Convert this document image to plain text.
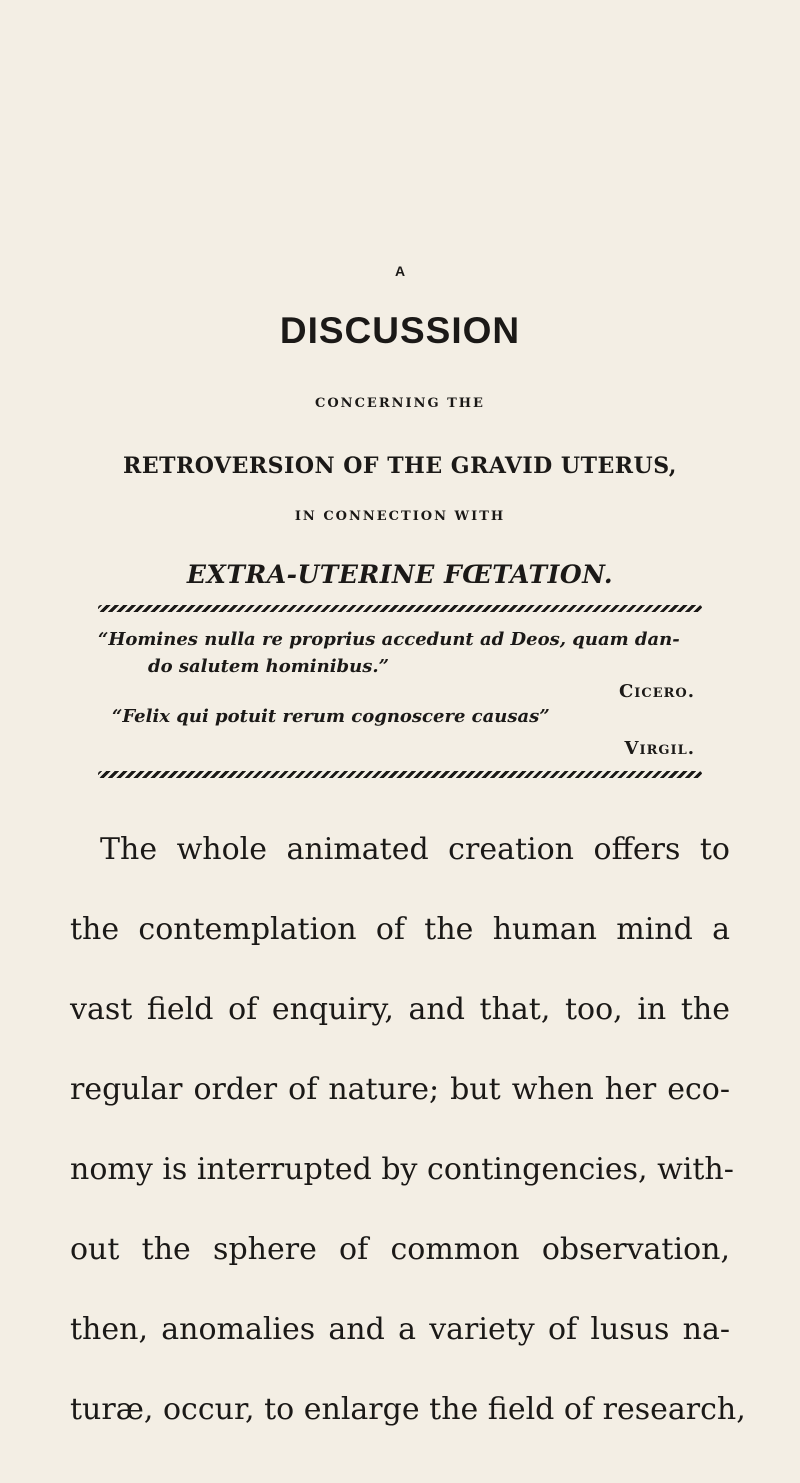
A
DISCUSSION
CONCERNING THE
RETROVERSION OF THE GRAVID UTERUS,
IN CONNECTION WITH
EXTRA-UTERINE FŒTATION.
“Homines nulla re proprius accedunt ad Deos, quam dan-
do salutem hominibus.”
Cicero.
“Felix qui potuit rerum cognoscere causas”
Virgil.
The whole animated creation offers to
the contemplation of the human mind a
vast field of enquiry, and that, too, in the
regular order of nature; but when her eco-
nomy is interrupted by contingencies, with-
out the sphere of common observation,
then, anomalies and a variety of lusus na-
turæ, occur, to enlarge the field of research,
